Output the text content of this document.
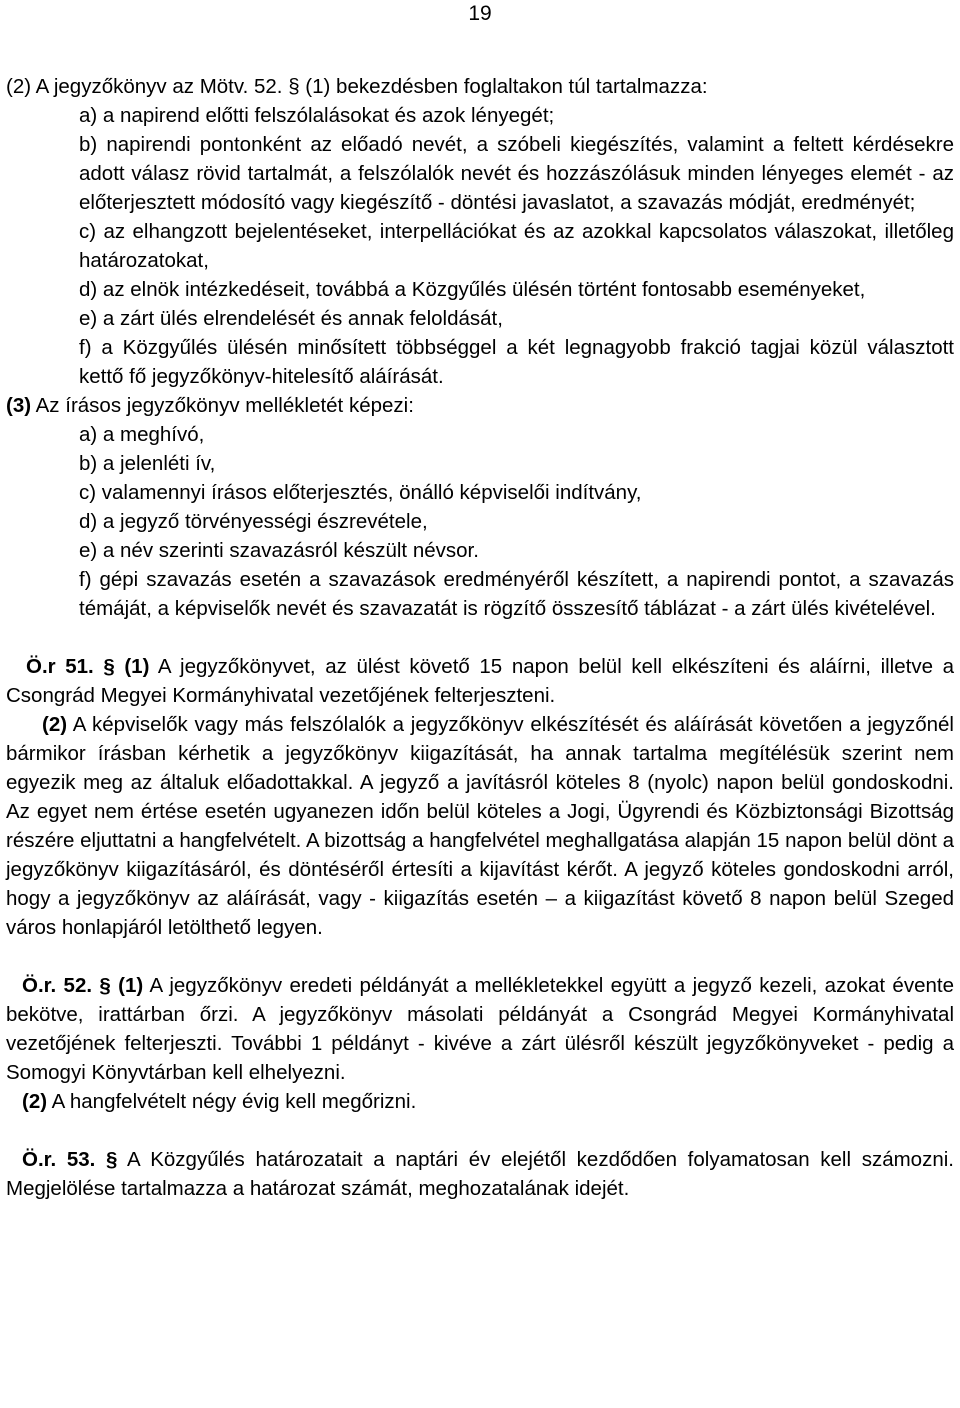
19

(2) A jegyzőkönyv az Mötv. 52. § (1) bekezdésben foglaltakon túl tartalmazza:

a) a napirend előtti felszólalásokat és azok lényegét;

b) napirendi pontonként az előadó nevét, a szóbeli kiegészítés, valamint a feltett kérdésekre adott válasz rövid tartalmát, a felszólalók nevét és hozzászólásuk minden lényeges elemét - az előterjesztett módosító vagy kiegészítő - döntési javaslatot, a szavazás módját, eredményét;

c) az elhangzott bejelentéseket, interpellációkat és az azokkal kapcsolatos válaszokat, illetőleg határozatokat,

d) az elnök intézkedéseit, továbbá a Közgyűlés ülésén történt fontosabb eseményeket,

e) a zárt ülés elrendelését és annak feloldását,

f) a Közgyűlés ülésén minősített többséggel a két legnagyobb frakció tagjai közül választott kettő fő jegyzőkönyv-hitelesítő aláírását.

(3) Az írásos jegyzőkönyv mellékletét képezi:

a) a meghívó,

b) a jelenléti ív,

c) valamennyi írásos előterjesztés, önálló képviselői indítvány,

d) a jegyző törvényességi észrevétele,

e) a név szerinti szavazásról készült névsor.

f) gépi szavazás esetén a szavazások eredményéről készített, a napirendi pontot, a szavazás témáját, a képviselők nevét és szavazatát is rögzítő összesítő táblázat - a zárt ülés kivételével.

Ö.r 51. § (1) A jegyzőkönyvet, az ülést követő 15 napon belül kell elkészíteni és aláírni, illetve a Csongrád Megyei Kormányhivatal vezetőjének felterjeszteni.

(2) A képviselők vagy más felszólalók a jegyzőkönyv elkészítését és aláírását követően a jegyzőnél bármikor írásban kérhetik a jegyzőkönyv kiigazítását, ha annak tartalma megítélésük szerint nem egyezik meg az általuk előadottakkal. A jegyző a javításról köteles 8 (nyolc) napon belül gondoskodni. Az egyet nem értése esetén ugyanezen időn belül köteles a Jogi, Ügyrendi és Közbiztonsági Bizottság részére eljuttatni a hangfelvételt. A bizottság a hangfelvétel meghallgatása alapján 15 napon belül dönt a jegyzőkönyv kiigazításáról, és döntéséről értesíti a kijavítást kérőt. A jegyző köteles gondoskodni arról, hogy a jegyzőkönyv az aláírását, vagy - kiigazítás esetén – a kiigazítást követő 8 napon belül Szeged város honlapjáról letölthető legyen.

Ö.r. 52. § (1) A jegyzőkönyv eredeti példányát a mellékletekkel együtt a jegyző kezeli, azokat évente bekötve, irattárban őrzi. A jegyzőkönyv másolati példányát a Csongrád Megyei Kormányhivatal vezetőjének felterjeszti. További 1 példányt - kivéve a zárt ülésről készült jegyzőkönyveket - pedig a Somogyi Könyvtárban kell elhelyezni.

(2) A hangfelvételt négy évig kell megőrizni.

Ö.r. 53. § A Közgyűlés határozatait a naptári év elejétől kezdődően folyamatosan kell számozni. Megjelölése tartalmazza a határozat számát, meghozatalának idejét.
